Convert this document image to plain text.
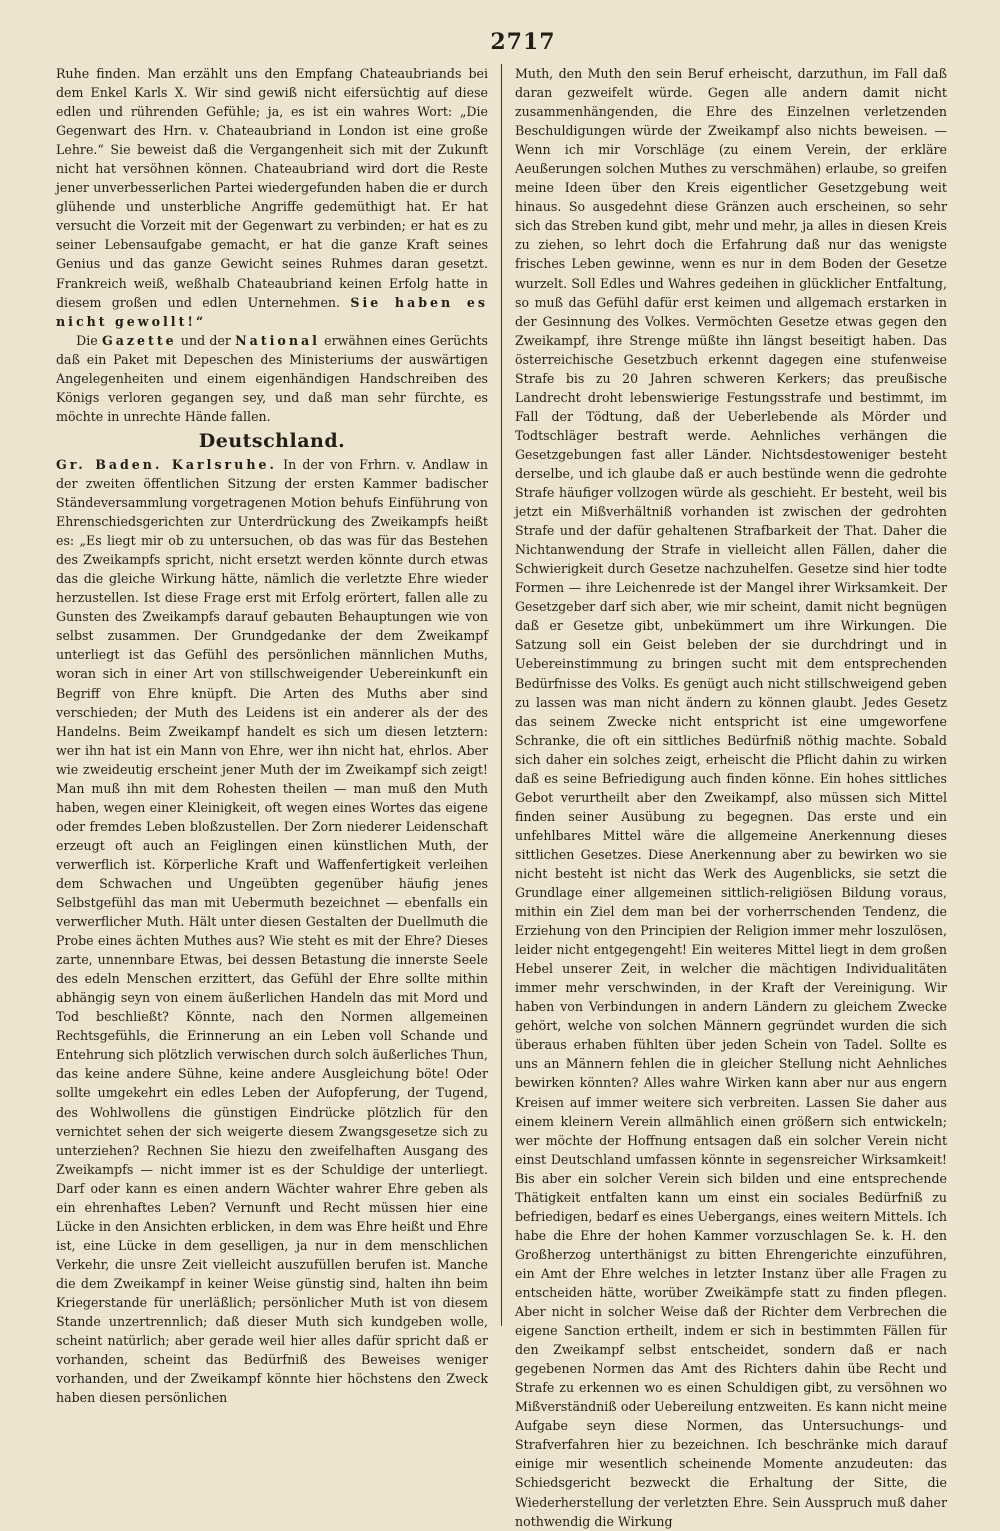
2717

Ruhe finden. Man erzählt uns den Empfang Chateaubriands bei dem Enkel Karls X. Wir sind gewiß nicht eifersüchtig auf diese edlen und rührenden Gefühle; ja, es ist ein wahres Wort: „Die Gegenwart des Hrn. v. Chateaubriand in London ist eine große Lehre.“ Sie beweist daß die Vergangenheit sich mit der Zukunft nicht hat versöhnen können. Chateaubriand wird dort die Reste jener unverbesserlichen Partei wiedergefunden haben die er durch glühende und unsterbliche Angriffe gedemüthigt hat. Er hat versucht die Vorzeit mit der Gegenwart zu verbinden; er hat es zu seiner Lebensaufgabe gemacht, er hat die ganze Kraft seines Genius und das ganze Gewicht seines Ruhmes daran gesetzt. Frankreich weiß, weßhalb Chateaubriand keinen Erfolg hatte in diesem großen und edlen Unternehmen. Sie haben es nicht gewollt!“

Die Gazette und der National erwähnen eines Gerüchts daß ein Paket mit Depeschen des Ministeriums der auswärtigen Angelegenheiten und einem eigenhändigen Handschreiben des Königs verloren gegangen sey, und daß man sehr fürchte, es möchte in unrechte Hände fallen.

Deutschland.

Gr. Baden. Karlsruhe. In der von Frhrn. v. Andlaw in der zweiten öffentlichen Sitzung der ersten Kammer badischer Ständeversammlung vorgetragenen Motion behufs Einführung von Ehrenschiedsgerichten zur Unterdrückung des Zweikampfs heißt es: „Es liegt mir ob zu untersuchen, ob das was für das Bestehen des Zweikampfs spricht, nicht ersetzt werden könnte durch etwas das die gleiche Wirkung hätte, nämlich die verletzte Ehre wieder herzustellen. Ist diese Frage erst mit Erfolg erörtert, fallen alle zu Gunsten des Zweikampfs darauf gebauten Behauptungen wie von selbst zusammen. Der Grundgedanke der dem Zweikampf unterliegt ist das Gefühl des persönlichen männlichen Muths, woran sich in einer Art von stillschweigender Uebereinkunft ein Begriff von Ehre knüpft. Die Arten des Muths aber sind verschieden; der Muth des Leidens ist ein anderer als der des Handelns. Beim Zweikampf handelt es sich um diesen letztern: wer ihn hat ist ein Mann von Ehre, wer ihn nicht hat, ehrlos. Aber wie zweideutig erscheint jener Muth der im Zweikampf sich zeigt! Man muß ihn mit dem Rohesten theilen — man muß den Muth haben, wegen einer Kleinigkeit, oft wegen eines Wortes das eigene oder fremdes Leben bloßzustellen. Der Zorn niederer Leidenschaft erzeugt oft auch an Feiglingen einen künstlichen Muth, der verwerflich ist. Körperliche Kraft und Waffenfertigkeit verleihen dem Schwachen und Ungeübten gegenüber häufig jenes Selbstgefühl das man mit Uebermuth bezeichnet — ebenfalls ein verwerflicher Muth. Hält unter diesen Gestalten der Duellmuth die Probe eines ächten Muthes aus? Wie steht es mit der Ehre? Dieses zarte, unnennbare Etwas, bei dessen Betastung die innerste Seele des edeln Menschen erzittert, das Gefühl der Ehre sollte mithin abhängig seyn von einem äußerlichen Handeln das mit Mord und Tod beschließt? Könnte, nach den Normen allgemeinen Rechtsgefühls, die Erinnerung an ein Leben voll Schande und Entehrung sich plötzlich verwischen durch solch äußerliches Thun, das keine andere Sühne, keine andere Ausgleichung böte! Oder sollte umgekehrt ein edles Leben der Aufopferung, der Tugend, des Wohlwollens die günstigen Eindrücke plötzlich für den vernichtet sehen der sich weigerte diesem Zwangsgesetze sich zu unterziehen? Rechnen Sie hiezu den zweifelhaften Ausgang des Zweikampfs — nicht immer ist es der Schuldige der unterliegt. Darf oder kann es einen andern Wächter wahrer Ehre geben als ein ehrenhaftes Leben? Vernunft und Recht müssen hier eine Lücke in den Ansichten erblicken, in dem was Ehre heißt und Ehre ist, eine Lücke in dem geselligen, ja nur in dem menschlichen Verkehr, die unsre Zeit vielleicht auszufüllen berufen ist. Manche die dem Zweikampf in keiner Weise günstig sind, halten ihn beim Kriegerstande für unerläßlich; persönlicher Muth ist von diesem Stande unzertrennlich; daß dieser Muth sich kundgeben wolle, scheint natürlich; aber gerade weil hier alles dafür spricht daß er vorhanden, scheint das Bedürfniß des Beweises weniger vorhanden, und der Zweikampf könnte hier höchstens den Zweck haben diesen persönlichen

Muth, den Muth den sein Beruf erheischt, darzuthun, im Fall daß daran gezweifelt würde. Gegen alle andern damit nicht zusammenhängenden, die Ehre des Einzelnen verletzenden Beschuldigungen würde der Zweikampf also nichts beweisen. — Wenn ich mir Vorschläge (zu einem Verein, der erkläre Aeußerungen solchen Muthes zu verschmähen) erlaube, so greifen meine Ideen über den Kreis eigentlicher Gesetzgebung weit hinaus. So ausgedehnt diese Gränzen auch erscheinen, so sehr sich das Streben kund gibt, mehr und mehr, ja alles in diesen Kreis zu ziehen, so lehrt doch die Erfahrung daß nur das wenigste frisches Leben gewinne, wenn es nur in dem Boden der Gesetze wurzelt. Soll Edles und Wahres gedeihen in glücklicher Entfaltung, so muß das Gefühl dafür erst keimen und allgemach erstarken in der Gesinnung des Volkes. Vermöchten Gesetze etwas gegen den Zweikampf, ihre Strenge müßte ihn längst beseitigt haben. Das österreichische Gesetzbuch erkennt dagegen eine stufenweise Strafe bis zu 20 Jahren schweren Kerkers; das preußische Landrecht droht lebenswierige Festungsstrafe und bestimmt, im Fall der Tödtung, daß der Ueberlebende als Mörder und Todtschläger bestraft werde. Aehnliches verhängen die Gesetzgebungen fast aller Länder. Nichtsdestoweniger besteht derselbe, und ich glaube daß er auch bestünde wenn die gedrohte Strafe häufiger vollzogen würde als geschieht. Er besteht, weil bis jetzt ein Mißverhältniß vorhanden ist zwischen der gedrohten Strafe und der dafür gehaltenen Strafbarkeit der That. Daher die Nichtanwendung der Strafe in vielleicht allen Fällen, daher die Schwierigkeit durch Gesetze nachzuhelfen. Gesetze sind hier todte Formen — ihre Leichenrede ist der Mangel ihrer Wirksamkeit. Der Gesetzgeber darf sich aber, wie mir scheint, damit nicht begnügen daß er Gesetze gibt, unbekümmert um ihre Wirkungen. Die Satzung soll ein Geist beleben der sie durchdringt und in Uebereinstimmung zu bringen sucht mit dem entsprechenden Bedürfnisse des Volks. Es genügt auch nicht stillschweigend geben zu lassen was man nicht ändern zu können glaubt. Jedes Gesetz das seinem Zwecke nicht entspricht ist eine umgeworfene Schranke, die oft ein sittliches Bedürfniß nöthig machte. Sobald sich daher ein solches zeigt, erheischt die Pflicht dahin zu wirken daß es seine Befriedigung auch finden könne. Ein hohes sittliches Gebot verurtheilt aber den Zweikampf, also müssen sich Mittel finden seiner Ausübung zu begegnen. Das erste und ein unfehlbares Mittel wäre die allgemeine Anerkennung dieses sittlichen Gesetzes. Diese Anerkennung aber zu bewirken wo sie nicht besteht ist nicht das Werk des Augenblicks, sie setzt die Grundlage einer allgemeinen sittlich-religiösen Bildung voraus, mithin ein Ziel dem man bei der vorherrschenden Tendenz, die Erziehung von den Principien der Religion immer mehr loszulösen, leider nicht entgegengeht! Ein weiteres Mittel liegt in dem großen Hebel unserer Zeit, in welcher die mächtigen Individualitäten immer mehr verschwinden, in der Kraft der Vereinigung. Wir haben von Verbindungen in andern Ländern zu gleichem Zwecke gehört, welche von solchen Männern gegründet wurden die sich überaus erhaben fühlten über jeden Schein von Tadel. Sollte es uns an Männern fehlen die in gleicher Stellung nicht Aehnliches bewirken könnten? Alles wahre Wirken kann aber nur aus engern Kreisen auf immer weitere sich verbreiten. Lassen Sie daher aus einem kleinern Verein allmählich einen größern sich entwickeln; wer möchte der Hoffnung entsagen daß ein solcher Verein nicht einst Deutschland umfassen könnte in segensreicher Wirksamkeit! Bis aber ein solcher Verein sich bilden und eine entsprechende Thätigkeit entfalten kann um einst ein sociales Bedürfniß zu befriedigen, bedarf es eines Uebergangs, eines weitern Mittels. Ich habe die Ehre der hohen Kammer vorzuschlagen Se. k. H. den Großherzog unterthänigst zu bitten Ehrengerichte einzuführen, ein Amt der Ehre welches in letzter Instanz über alle Fragen zu entscheiden hätte, worüber Zweikämpfe statt zu finden pflegen. Aber nicht in solcher Weise daß der Richter dem Verbrechen die eigene Sanction ertheilt, indem er sich in bestimmten Fällen für den Zweikampf selbst entscheidet, sondern daß er nach gegebenen Normen das Amt des Richters dahin übe Recht und Strafe zu erkennen wo es einen Schuldigen gibt, zu versöhnen wo Mißverständniß oder Uebereilung entzweiten. Es kann nicht meine Aufgabe seyn diese Normen, das Untersuchungs- und Strafverfahren hier zu bezeichnen. Ich beschränke mich darauf einige mir wesentlich scheinende Momente anzudeuten: das Schiedsgericht bezweckt die Erhaltung der Sitte, die Wiederherstellung der verletzten Ehre. Sein Ausspruch muß daher nothwendig die Wirkung
